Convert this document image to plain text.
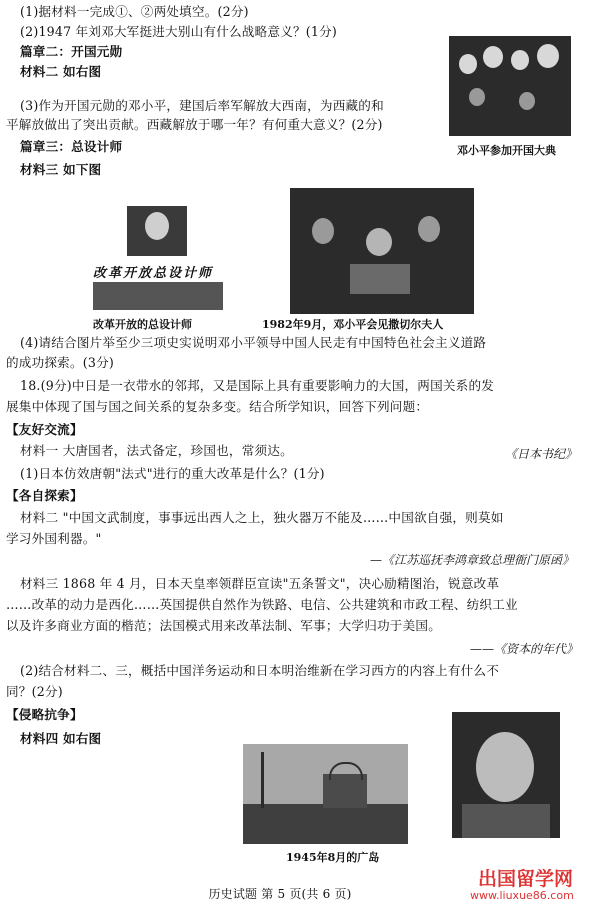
(1)据材料一完成①、②两处填空。(2分)
(2)1947 年刘邓大军挺进大别山有什么战略意义？(1分)
篇章二：开国元勋
材料二 如右图
(3)作为开国元勋的邓小平，建国后率军解放大西南，为西藏的和
平解放做出了突出贡献。西藏解放于哪一年？有何重大意义？(2分)
篇章三：总设计师
材料三 如下图
邓小平参加开国大典
改革开放总设计师
改革开放的总设计师	1982年9月，邓小平会见撒切尔夫人
(4)请结合图片举至少三项史实说明邓小平领导中国人民走有中国特色社会主义道路
的成功探索。(3分)
18.(9分)中日是一衣带水的邻邦，又是国际上具有重要影响力的大国，两国关系的发
展集中体现了国与国之间关系的复杂多变。结合所学知识，回答下列问题：
【友好交流】
材料一 大唐国者，法式备定，珍国也，常须达。	《日本书纪》
(1)日本仿效唐朝"法式"进行的重大改革是什么？(1分)
【各自探索】
材料二 "中国文武制度，事事远出西人之上，独火器万不能及……中国欲自强，则莫如
学习外国利器。"
—《江苏巡抚李鸿章致总理衙门原函》
材料三 1868 年 4 月，日本天皇率领群臣宣读"五条誓文"，决心励精图治，锐意改革
……改革的动力是西化……英国提供自然作为铁路、电信、公共建筑和市政工程、纺织工业
以及许多商业方面的楷范；法国模式用来改革法制、军事；大学归功于美国。
——《资本的年代》
(2)结合材料二、三，概括中国洋务运动和日本明治维新在学习西方的内容上有什么不
同？(2分)
【侵略抗争】
材料四 如右图
1945年8月的广岛
历史试题 第 5 页(共 6 页)
出国留学网
www.liuxue86.com
